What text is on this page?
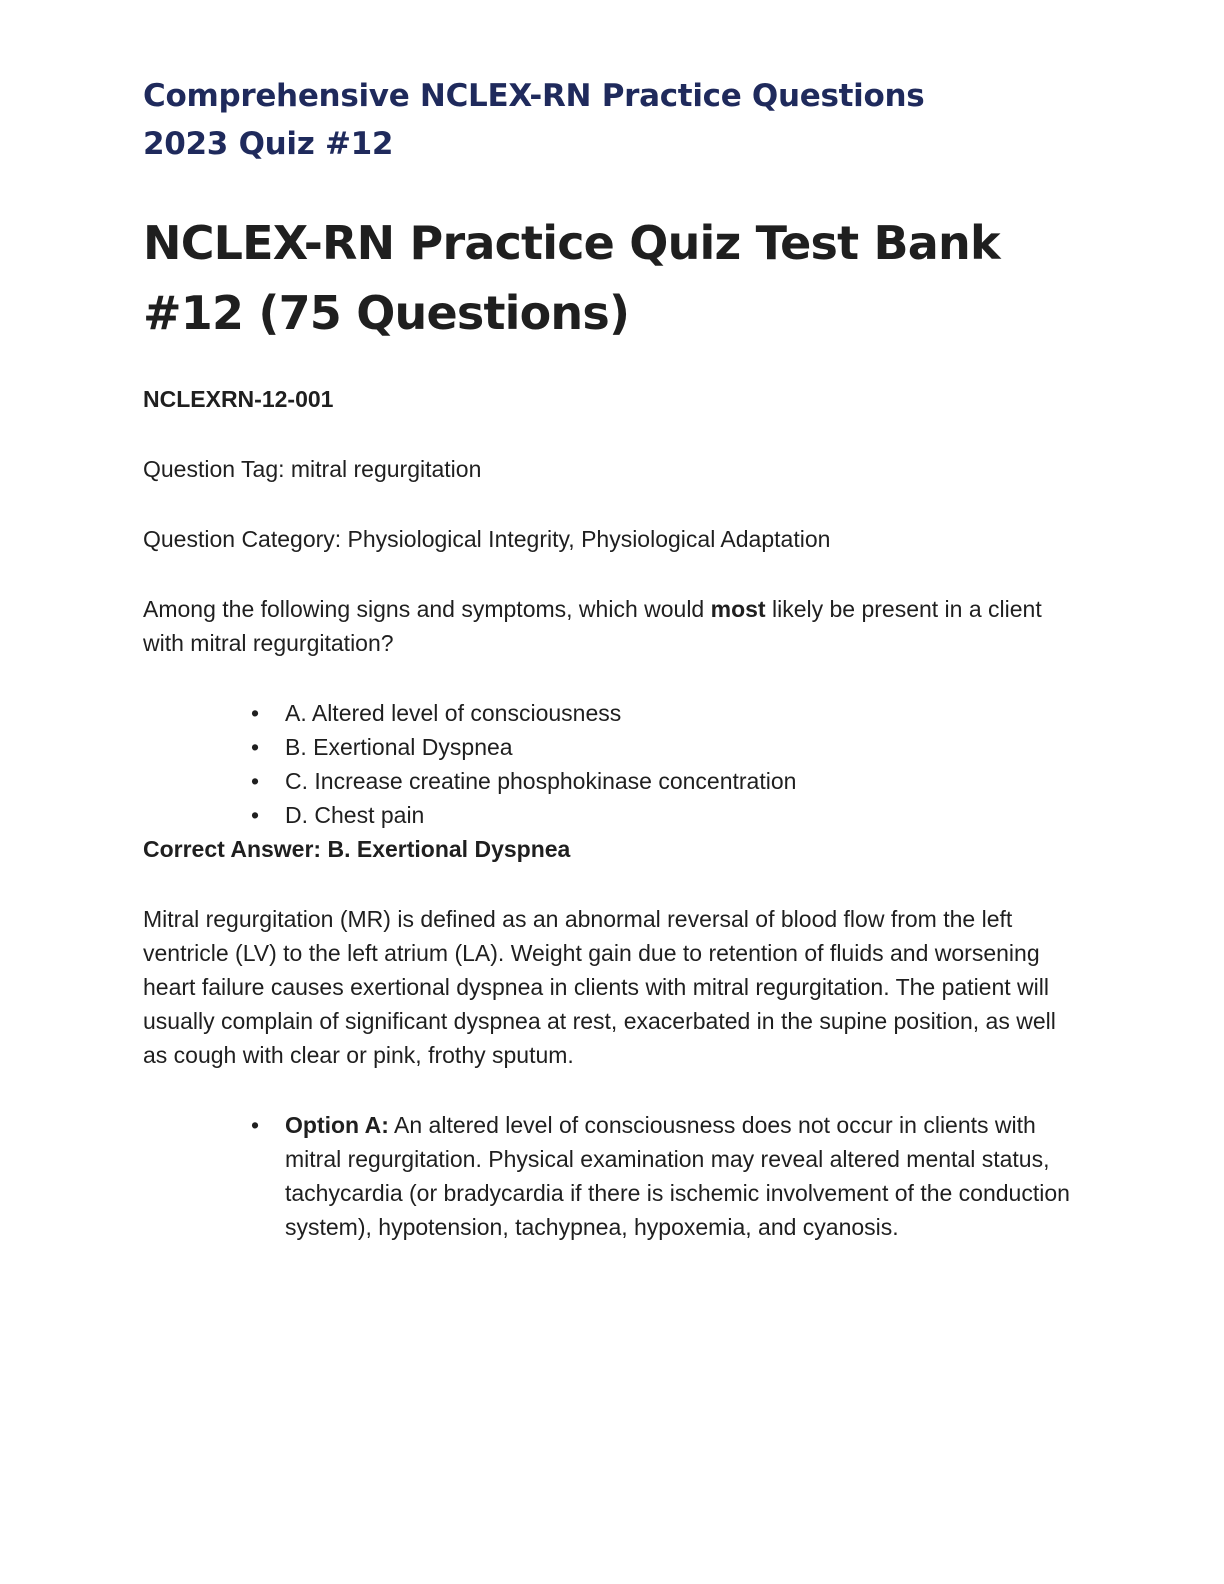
Comprehensive NCLEX-RN Practice Questions
2023 Quiz #12
NCLEX-RN Practice Quiz Test Bank
#12 (75 Questions)

NCLEXRN-12-001

Question Tag: mitral regurgitation

Question Category: Physiological Integrity, Physiological Adaptation

Among the following signs and symptoms, which would most likely be present in a client with mitral regurgitation?

• A. Altered level of consciousness
• B. Exertional Dyspnea
• C. Increase creatine phosphokinase concentration
• D. Chest pain

Correct Answer: B. Exertional Dyspnea

Mitral regurgitation (MR) is defined as an abnormal reversal of blood flow from the left ventricle (LV) to the left atrium (LA). Weight gain due to retention of fluids and worsening heart failure causes exertional dyspnea in clients with mitral regurgitation. The patient will usually complain of significant dyspnea at rest, exacerbated in the supine position, as well as cough with clear or pink, frothy sputum.

• Option A: An altered level of consciousness does not occur in clients with mitral regurgitation. Physical examination may reveal altered mental status, tachycardia (or bradycardia if there is ischemic involvement of the conduction system), hypotension, tachypnea, hypoxemia, and cyanosis.
